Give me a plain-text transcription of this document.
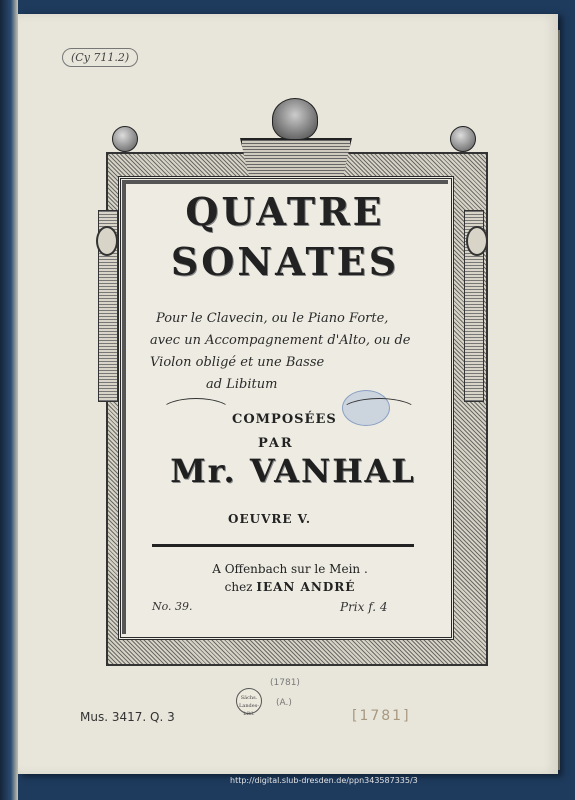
(Cy 711.2)

QUATRE

SONATES

Pour le Clavecin, ou le Piano Forte,
avec un Accompagnement d'Alto, ou de
Violon obligé et une Basse
ad Libitum
COMPOSÉES
PAR
Mr. VANHAL
OEUVRE V.
A Offenbach sur le Mein .
chez IEAN ANDRÉ
No. 39.	Prix f. 4
(1781)
Sächs. Landes-bibl.
(A.)
Mus. 3417. Q. 3	[1781]
http://digital.slub-dresden.de/ppn343587335/3
